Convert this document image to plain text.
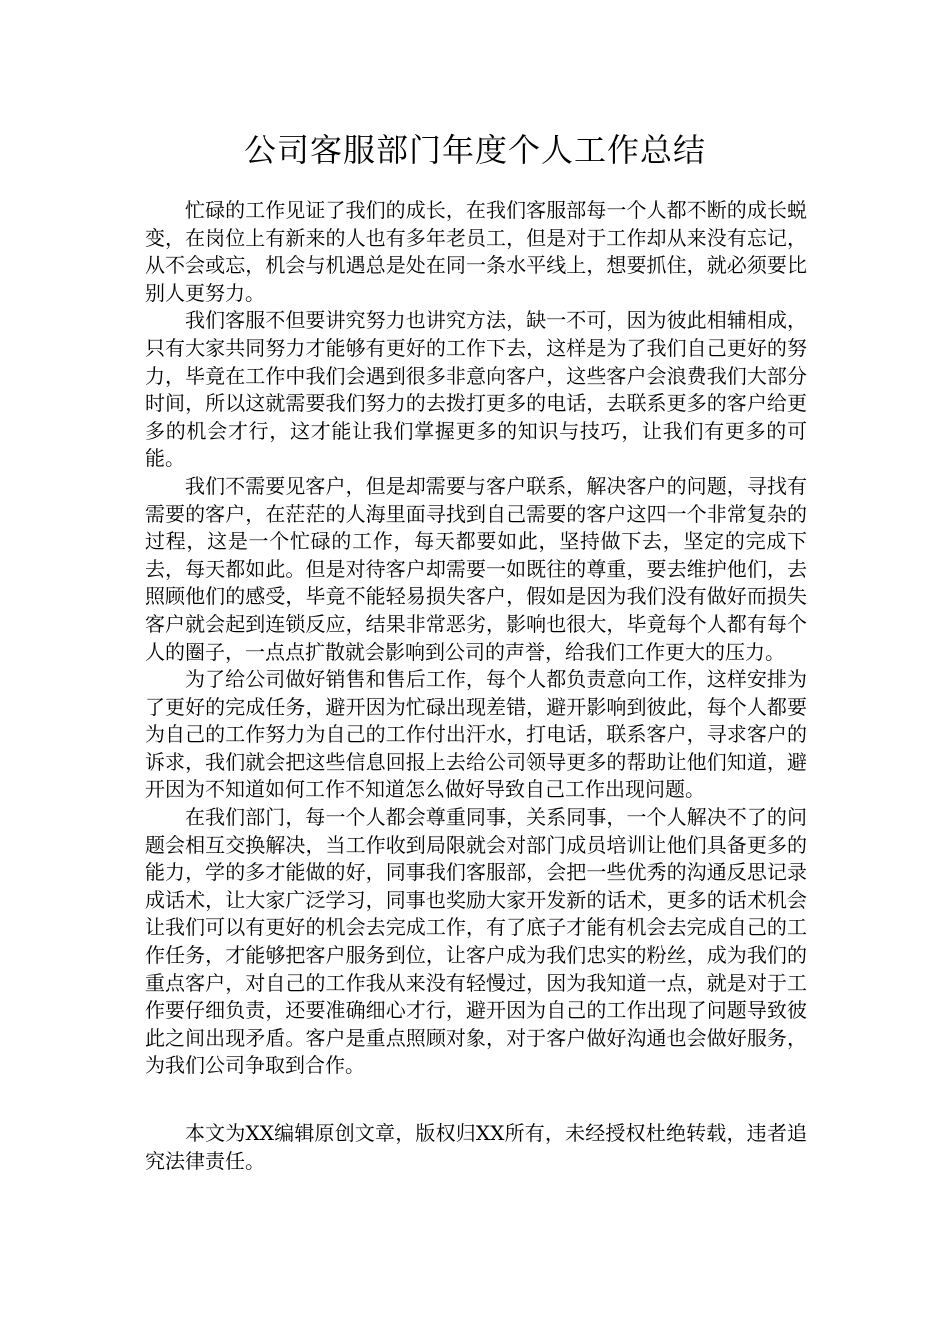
公司客服部门年度个人工作总结

忙碌的工作见证了我们的成长，在我们客服部每一个人都不断的成长蜕变，在岗位上有新来的人也有多年老员工，但是对于工作却从来没有忘记，从不会或忘，机会与机遇总是处在同一条水平线上，想要抓住，就必须要比别人更努力。

我们客服不但要讲究努力也讲究方法，缺一不可，因为彼此相辅相成，只有大家共同努力才能够有更好的工作下去，这样是为了我们自己更好的努力，毕竟在工作中我们会遇到很多非意向客户，这些客户会浪费我们大部分时间，所以这就需要我们努力的去拨打更多的电话，去联系更多的客户给更多的机会才行，这才能让我们掌握更多的知识与技巧，让我们有更多的可能。

我们不需要见客户，但是却需要与客户联系，解决客户的问题，寻找有需要的客户，在茫茫的人海里面寻找到自己需要的客户这四一个非常复杂的过程，这是一个忙碌的工作，每天都要如此，坚持做下去，坚定的完成下去，每天都如此。但是对待客户却需要一如既往的尊重，要去维护他们，去照顾他们的感受，毕竟不能轻易损失客户，假如是因为我们没有做好而损失客户就会起到连锁反应，结果非常恶劣，影响也很大，毕竟每个人都有每个人的圈子，一点点扩散就会影响到公司的声誉，给我们工作更大的压力。

为了给公司做好销售和售后工作，每个人都负责意向工作，这样安排为了更好的完成任务，避开因为忙碌出现差错，避开影响到彼此，每个人都要为自己的工作努力为自己的工作付出汗水，打电话，联系客户，寻求客户的诉求，我们就会把这些信息回报上去给公司领导更多的帮助让他们知道，避开因为不知道如何工作不知道怎么做好导致自己工作出现问题。

在我们部门，每一个人都会尊重同事，关系同事，一个人解决不了的问题会相互交换解决，当工作收到局限就会对部门成员培训让他们具备更多的能力，学的多才能做的好，同事我们客服部，会把一些优秀的沟通反思记录成话术，让大家广泛学习，同事也奖励大家开发新的话术，更多的话术机会让我们可以有更好的机会去完成工作，有了底子才能有机会去完成自己的工作任务，才能够把客户服务到位，让客户成为我们忠实的粉丝，成为我们的重点客户，对自己的工作我从来没有轻慢过，因为我知道一点，就是对于工作要仔细负责，还要准确细心才行，避开因为自己的工作出现了问题导致彼此之间出现矛盾。客户是重点照顾对象，对于客户做好沟通也会做好服务，为我们公司争取到合作。

本文为XX编辑原创文章，版权归XX所有，未经授权杜绝转载，违者追究法律责任。
